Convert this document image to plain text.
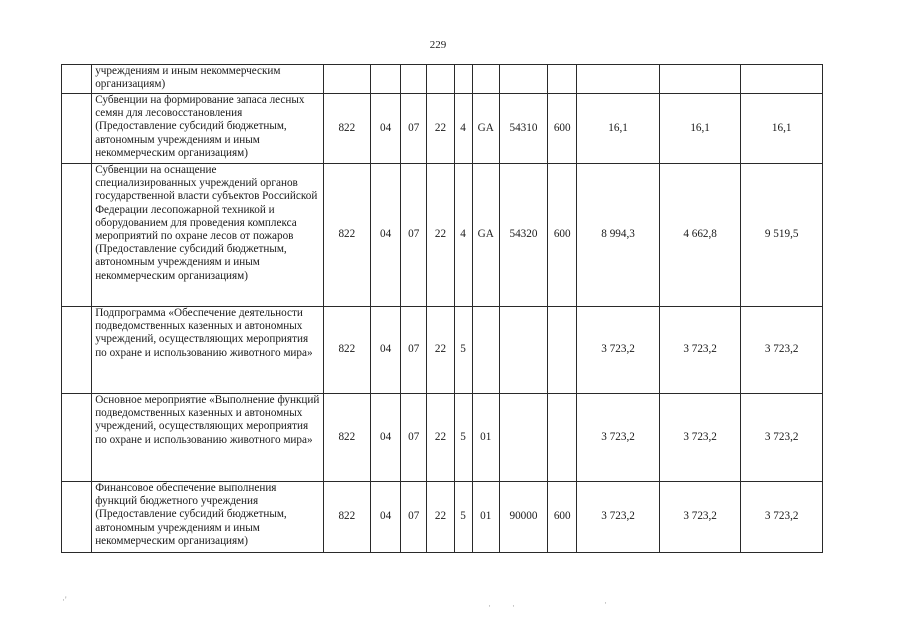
229
	учреждениям и иным некоммерческим организациям)											
	Субвенции на формирование запаса лесных семян для лесовосстановления (Предоставление субсидий бюджетным, автономным учреждениям и иным некоммерческим организациям)	822	04	07	22	4	GA	54310	600	16,1	16,1	16,1
	Субвенции на оснащение специализированных учреждений органов государственной власти субъектов Российской Федерации лесопожарной техникой и оборудованием для проведения комплекса мероприятий по охране лесов от пожаров (Предоставление субсидий бюджетным, автономным учреждениям и иным некоммерческим организациям)	822	04	07	22	4	GA	54320	600	8 994,3	4 662,8	9 519,5
	Подпрограмма «Обеспечение деятельности подведомственных казенных и автономных учреждений, осуществляющих мероприятия по охране и использованию животного мира»	822	04	07	22	5				3 723,2	3 723,2	3 723,2
	Основное мероприятие «Выполнение функций подведомственных казенных и автономных учреждений, осуществляющих мероприятия по охране и использованию животного мира»	822	04	07	22	5	01			3 723,2	3 723,2	3 723,2
	Финансовое обеспечение выполнения функций бюджетного учреждения (Предоставление субсидий бюджетным, автономным учреждениям и иным некоммерческим организациям)	822	04	07	22	5	01	90000	600	3 723,2	3 723,2	3 723,2
·'
· ·	·
